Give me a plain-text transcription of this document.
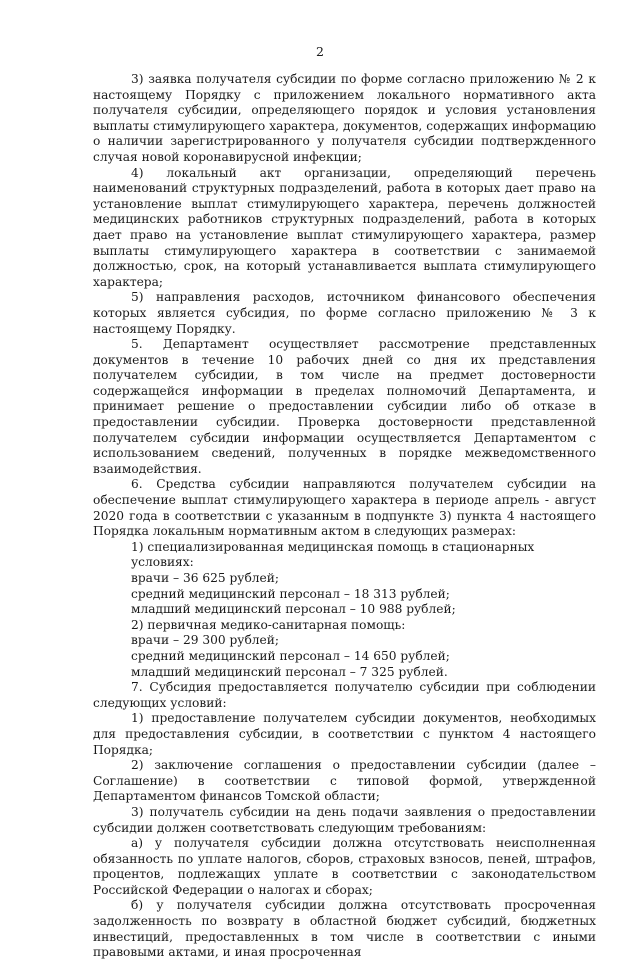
2

3) заявка получателя субсидии по форме согласно приложению № 2 к настоящему Порядку с приложением локального нормативного акта получателя субсидии, определяющего порядок и условия установления выплаты стимулирующего характера, документов, содержащих информацию о наличии зарегистрированного у получателя субсидии подтвержденного случая новой коронавирусной инфекции;

4) локальный акт организации, определяющий перечень наименований структурных подразделений, работа в которых дает право на установление выплат стимулирующего характера, перечень должностей медицинских работников структурных подразделений, работа в которых дает право на установление выплат стимулирующего характера, размер выплаты стимулирующего характера в соответствии с занимаемой должностью, срок, на который устанавливается выплата стимулирующего характера;

5) направления расходов, источником финансового обеспечения которых является субсидия, по форме согласно приложению № 3 к настоящему Порядку.

5. Департамент осуществляет рассмотрение представленных документов в течение 10 рабочих дней со дня их представления получателем субсидии, в том числе на предмет достоверности содержащейся информации в пределах полномочий Департамента, и принимает решение о предоставлении субсидии либо об отказе в предоставлении субсидии. Проверка достоверности представленной получателем субсидии информации осуществляется Департаментом с использованием сведений, полученных в порядке межведомственного взаимодействия.

6. Средства субсидии направляются получателем субсидии на обеспечение выплат стимулирующего характера в периоде апрель - август 2020 года в соответствии с указанным в подпункте 3) пункта 4 настоящего Порядка локальным нормативным актом в следующих размерах:

1) специализированная медицинская помощь в стационарных условиях:

врачи – 36 625 рублей;

средний медицинский персонал – 18 313 рублей;

младший медицинский персонал – 10 988 рублей;

2) первичная медико-санитарная помощь:

врачи – 29 300 рублей;

средний медицинский персонал – 14 650 рублей;

младший медицинский персонал – 7 325 рублей.

7. Субсидия предоставляется получателю субсидии при соблюдении следующих условий:

1) предоставление получателем субсидии документов, необходимых для предоставления субсидии, в соответствии с пунктом 4 настоящего Порядка;

2) заключение соглашения о предоставлении субсидии (далее – Соглашение) в соответствии с типовой формой, утвержденной Департаментом финансов Томской области;

3) получатель субсидии на день подачи заявления о предоставлении субсидии должен соответствовать следующим требованиям:

а) у получателя субсидии должна отсутствовать неисполненная обязанность по уплате налогов, сборов, страховых взносов, пеней, штрафов, процентов, подлежащих уплате в соответствии с законодательством Российской Федерации о налогах и сборах;

б) у получателя субсидии должна отсутствовать просроченная задолженность по возврату в областной бюджет субсидий, бюджетных инвестиций, предоставленных в том числе в соответствии с иными правовыми актами, и иная просроченная
